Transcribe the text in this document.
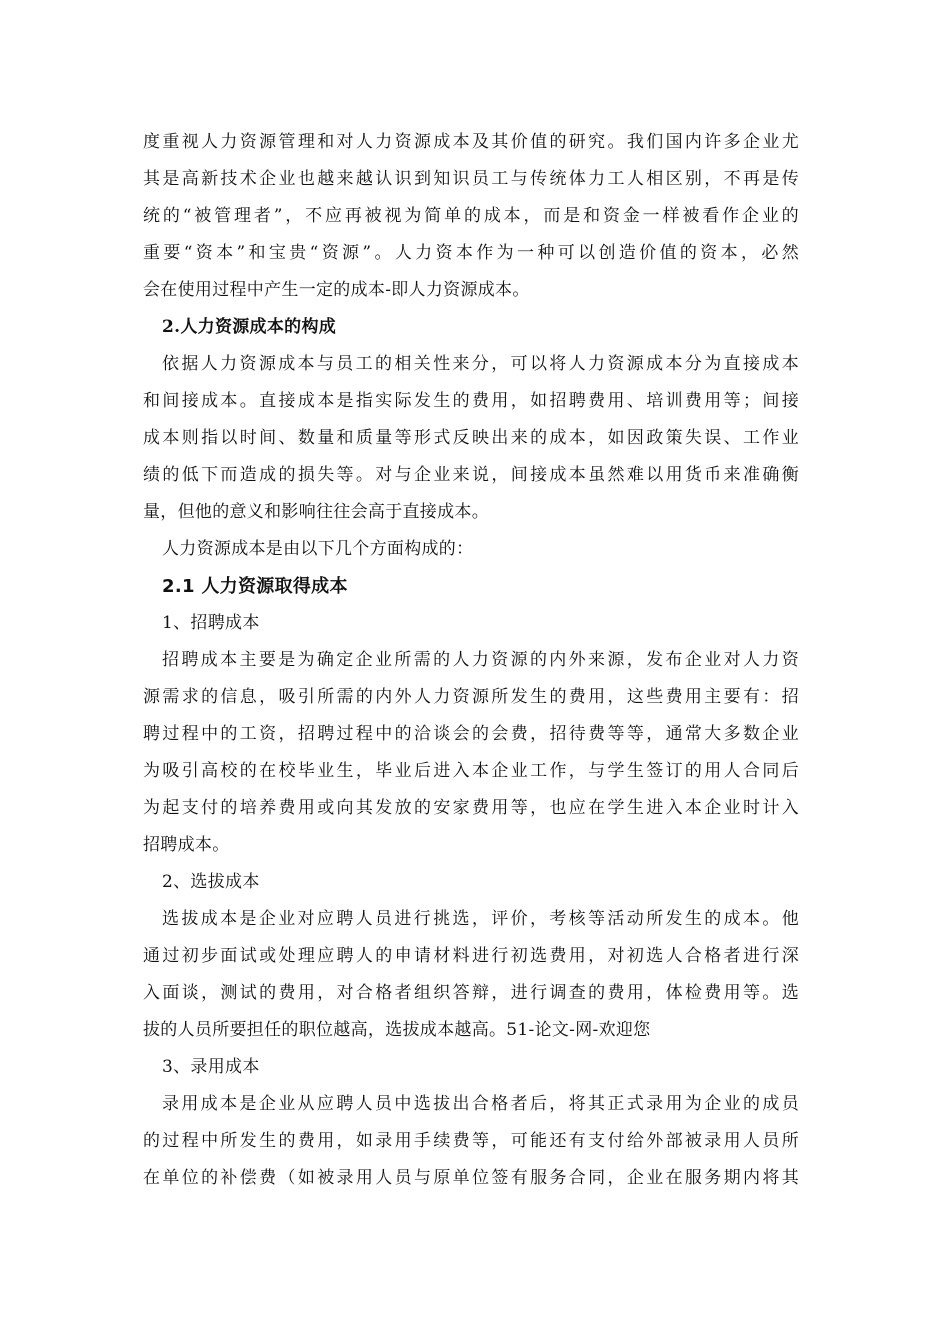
度重视人力资源管理和对人力资源成本及其价值的研究。我们国内许多企业尤
其是高新技术企业也越来越认识到知识员工与传统体力工人相区别，不再是传
统的“被管理者”，不应再被视为简单的成本，而是和资金一样被看作企业的
重要“资本”和宝贵“资源”。人力资本作为一种可以创造价值的资本，必然
会在使用过程中产生一定的成本-即人力资源成本。
2.人力资源成本的构成
依据人力资源成本与员工的相关性来分，可以将人力资源成本分为直接成本
和间接成本。直接成本是指实际发生的费用，如招聘费用、培训费用等；间接
成本则指以时间、数量和质量等形式反映出来的成本，如因政策失误、工作业
绩的低下而造成的损失等。对与企业来说，间接成本虽然难以用货币来准确衡
量，但他的意义和影响往往会高于直接成本。
人力资源成本是由以下几个方面构成的：
2.1 人力资源取得成本
1、招聘成本
招聘成本主要是为确定企业所需的人力资源的内外来源，发布企业对人力资
源需求的信息，吸引所需的内外人力资源所发生的费用，这些费用主要有：招
聘过程中的工资，招聘过程中的洽谈会的会费，招待费等等，通常大多数企业
为吸引高校的在校毕业生，毕业后进入本企业工作，与学生签订的用人合同后
为起支付的培养费用或向其发放的安家费用等，也应在学生进入本企业时计入
招聘成本。
2、选拔成本
选拔成本是企业对应聘人员进行挑选，评价，考核等活动所发生的成本。他
通过初步面试或处理应聘人的申请材料进行初选费用，对初选人合格者进行深
入面谈，测试的费用，对合格者组织答辩，进行调查的费用，体检费用等。选
拔的人员所要担任的职位越高，选拔成本越高。51-论文-网-欢迎您
3、录用成本
录用成本是企业从应聘人员中选拔出合格者后，将其正式录用为企业的成员
的过程中所发生的费用，如录用手续费等，可能还有支付给外部被录用人员所
在单位的补偿费（如被录用人员与原单位签有服务合同，企业在服务期内将其
